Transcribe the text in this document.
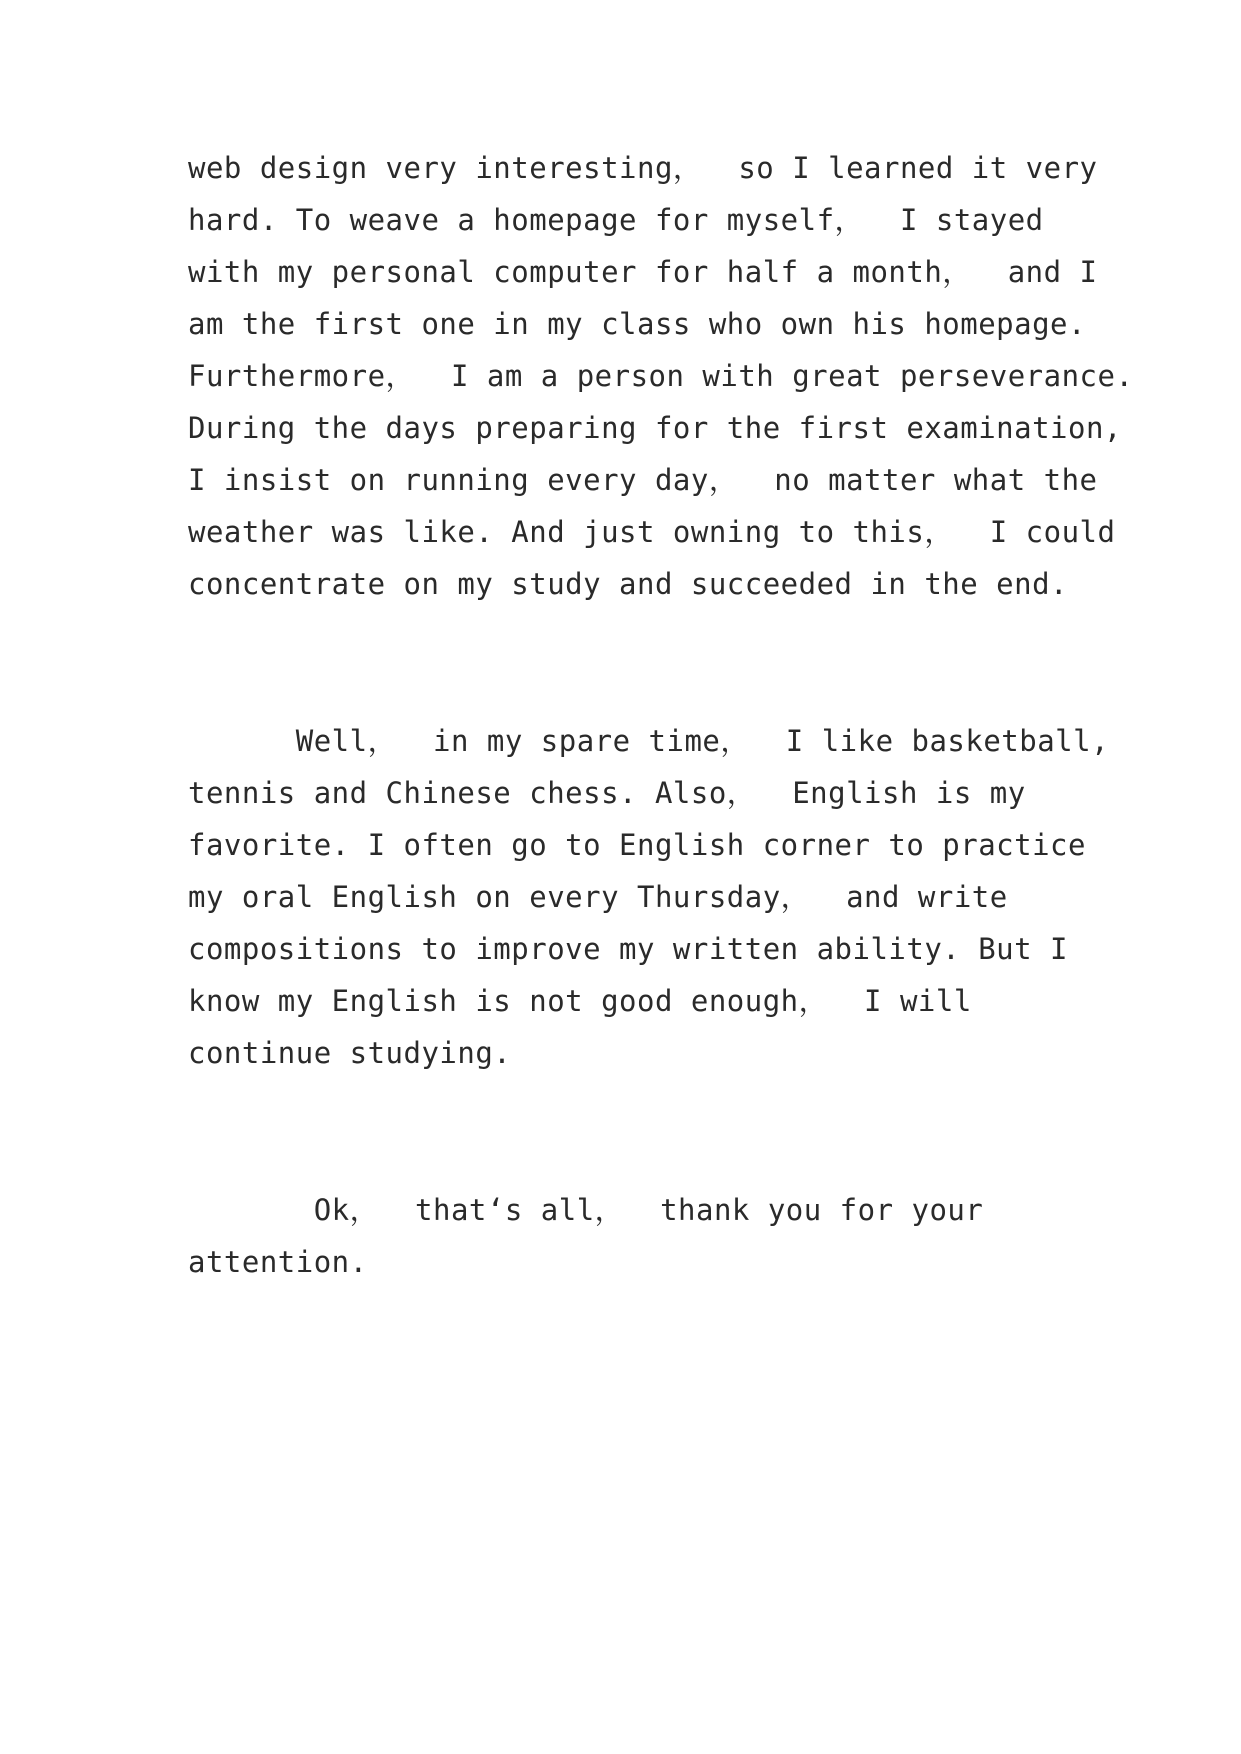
web design very interesting，  so I learned it very

hard. To weave a homepage for myself，  I stayed

with my personal computer for half a month，  and I

am the first one in my class who own his homepage.

Furthermore，  I am a person with great perseverance.

During the days preparing for the first examination,

I insist on running every day，  no matter what the

weather was like. And just owning to this，  I could

concentrate on my study and succeeded in the end.

Well，  in my spare time，  I like basketball,

tennis and Chinese chess. Also，  English is my

favorite. I often go to English corner to practice

my oral English on every Thursday，  and write

compositions to improve my written ability. But I

know my English is not good enough，  I will

continue studying.

Ok，  that‘s all，  thank you for your

attention.
